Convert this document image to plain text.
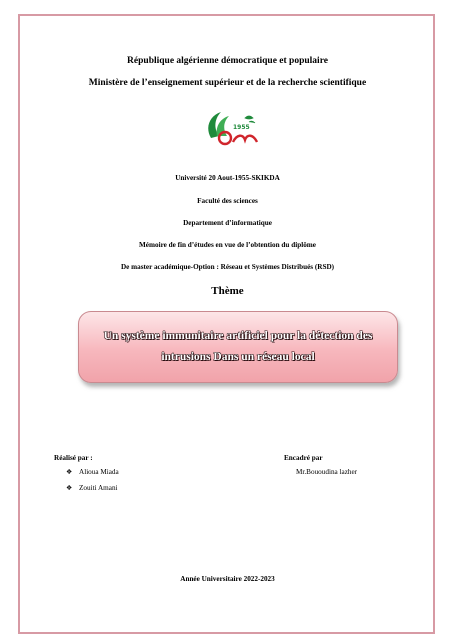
République algérienne démocratique et populaire
Ministère de l’enseignement supérieur et de la recherche scientifique
1955
Université 20 Aout-1955-SKIKDA
Faculté des sciences
Departement d’informatique
Mémoire de fin d’études en vue de l’obtention du diplôme
De master académique-Option : Réseau et Systèmes Distribués (RSD)
Thème
Un système immunitaire artificiel pour la détection des intrusions Dans un réseau local
Réalisé par :
❖ Alioua Miada
❖ Zouiti Amani
Encadré par
Mr.Bououdina lazher
Année Universitaire 2022-2023
